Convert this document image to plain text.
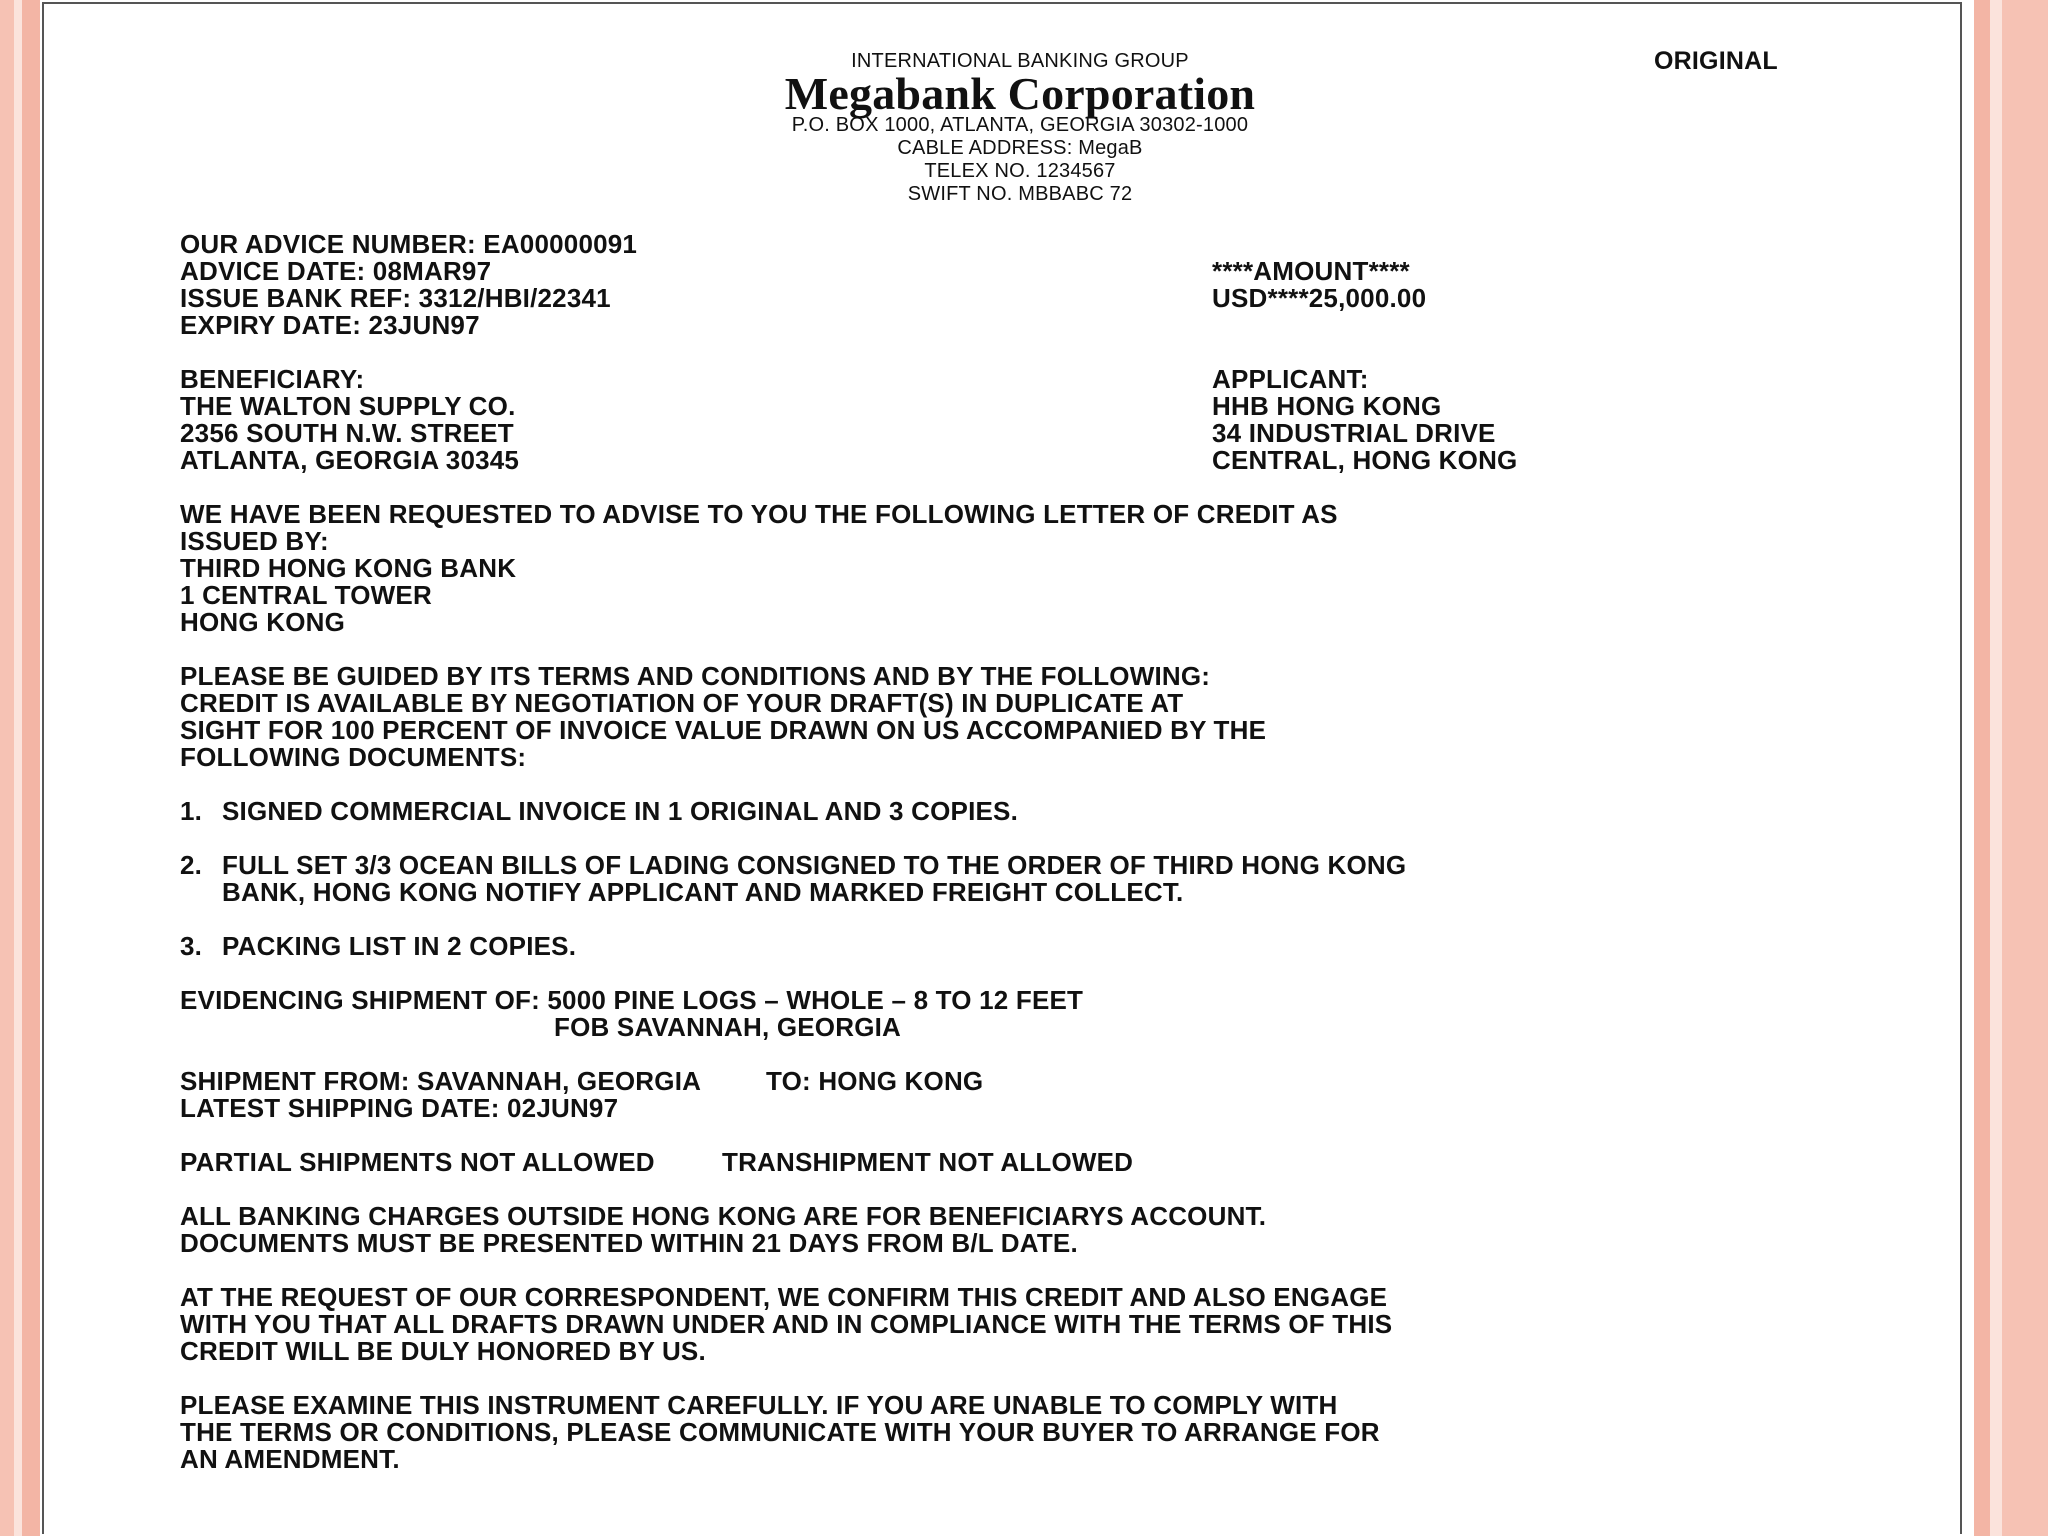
INTERNATIONAL BANKING GROUP
Megabank Corporation
P.O. BOX 1000, ATLANTA, GEORGIA 30302-1000
CABLE ADDRESS: MegaB
TELEX NO. 1234567
SWIFT NO. MBBABC 72
ORIGINAL
OUR ADVICE NUMBER: EA00000091
ADVICE DATE: 08MAR97
ISSUE BANK REF: 3312/HBI/22341
EXPIRY DATE: 23JUN97
****AMOUNT****
USD****25,000.00
BENEFICIARY:
THE WALTON SUPPLY CO.
2356 SOUTH N.W. STREET
ATLANTA, GEORGIA 30345
APPLICANT:
HHB HONG KONG
34 INDUSTRIAL DRIVE
CENTRAL, HONG KONG
WE HAVE BEEN REQUESTED TO ADVISE TO YOU THE FOLLOWING LETTER OF CREDIT AS
ISSUED BY:
THIRD HONG KONG BANK
1 CENTRAL TOWER
HONG KONG
PLEASE BE GUIDED BY ITS TERMS AND CONDITIONS AND BY THE FOLLOWING:
CREDIT IS AVAILABLE BY NEGOTIATION OF YOUR DRAFT(S) IN DUPLICATE AT
SIGHT FOR 100 PERCENT OF INVOICE VALUE DRAWN ON US ACCOMPANIED BY THE
FOLLOWING DOCUMENTS:
1. SIGNED COMMERCIAL INVOICE IN 1 ORIGINAL AND 3 COPIES.
2. FULL SET 3/3 OCEAN BILLS OF LADING CONSIGNED TO THE ORDER OF THIRD HONG KONG
BANK, HONG KONG NOTIFY APPLICANT AND MARKED FREIGHT COLLECT.
3. PACKING LIST IN 2 COPIES.
EVIDENCING SHIPMENT OF: 5000 PINE LOGS – WHOLE – 8 TO 12 FEET
FOB SAVANNAH, GEORGIA
SHIPMENT FROM: SAVANNAH, GEORGIA TO: HONG KONG
LATEST SHIPPING DATE: 02JUN97
PARTIAL SHIPMENTS NOT ALLOWED	TRANSHIPMENT NOT ALLOWED
ALL BANKING CHARGES OUTSIDE HONG KONG ARE FOR BENEFICIARYS ACCOUNT.
DOCUMENTS MUST BE PRESENTED WITHIN 21 DAYS FROM B/L DATE.
AT THE REQUEST OF OUR CORRESPONDENT, WE CONFIRM THIS CREDIT AND ALSO ENGAGE
WITH YOU THAT ALL DRAFTS DRAWN UNDER AND IN COMPLIANCE WITH THE TERMS OF THIS
CREDIT WILL BE DULY HONORED BY US.
PLEASE EXAMINE THIS INSTRUMENT CAREFULLY. IF YOU ARE UNABLE TO COMPLY WITH
THE TERMS OR CONDITIONS, PLEASE COMMUNICATE WITH YOUR BUYER TO ARRANGE FOR
AN AMENDMENT.
